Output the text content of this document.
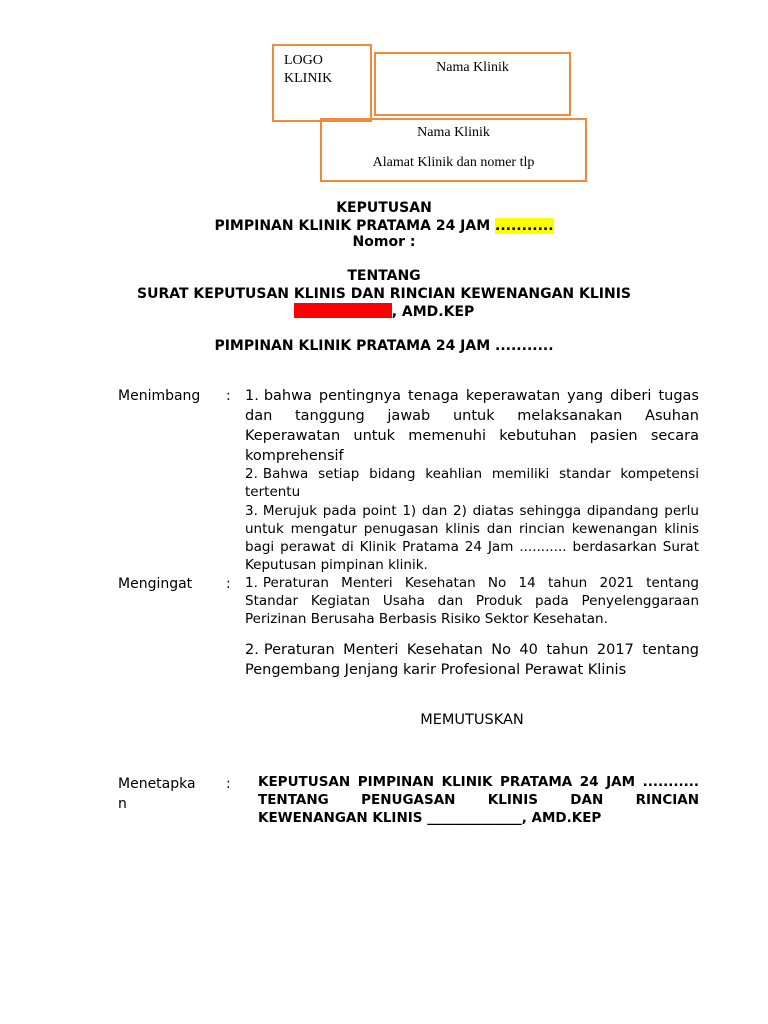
LOGO
KLINIK
Nama Klinik
Nama Klinik
Alamat Klinik dan nomer tlp
KEPUTUSAN
PIMPINAN KLINIK PRATAMA 24 JAM ...........
Nomor :
TENTANG
SURAT KEPUTUSAN KLINIS DAN RINCIAN KEWENANGAN KLINIS
, AMD.KEP
PIMPINAN KLINIK PRATAMA 24 JAM ...........
Menimbang : 1. bahwa pentingnya tenaga keperawatan yang diberi tugas dan tanggung jawab untuk melaksanakan Asuhan Keperawatan untuk memenuhi kebutuhan pasien secara komprehensif
2. Bahwa setiap bidang keahlian memiliki standar kompetensi tertentu
3. Merujuk pada point 1) dan 2) diatas sehingga dipandang perlu untuk mengatur penugasan klinis dan rincian kewenangan klinis bagi perawat di Klinik Pratama 24 Jam ........... berdasarkan Surat Keputusan pimpinan klinik.
Mengingat : 1. Peraturan Menteri Kesehatan No 14 tahun 2021 tentang Standar Kegiatan Usaha dan Produk pada Penyelenggaraan Perizinan Berusaha Berbasis Risiko Sektor Kesehatan.
2. Peraturan Menteri Kesehatan No 40 tahun 2017 tentang Pengembang Jenjang karir Profesional Perawat Klinis
MEMUTUSKAN
Menetapka
n
: KEPUTUSAN PIMPINAN KLINIK PRATAMA 24 JAM ........... TENTANG PENUGASAN KLINIS DAN RINCIAN KEWENANGAN KLINIS ______________, AMD.KEP
